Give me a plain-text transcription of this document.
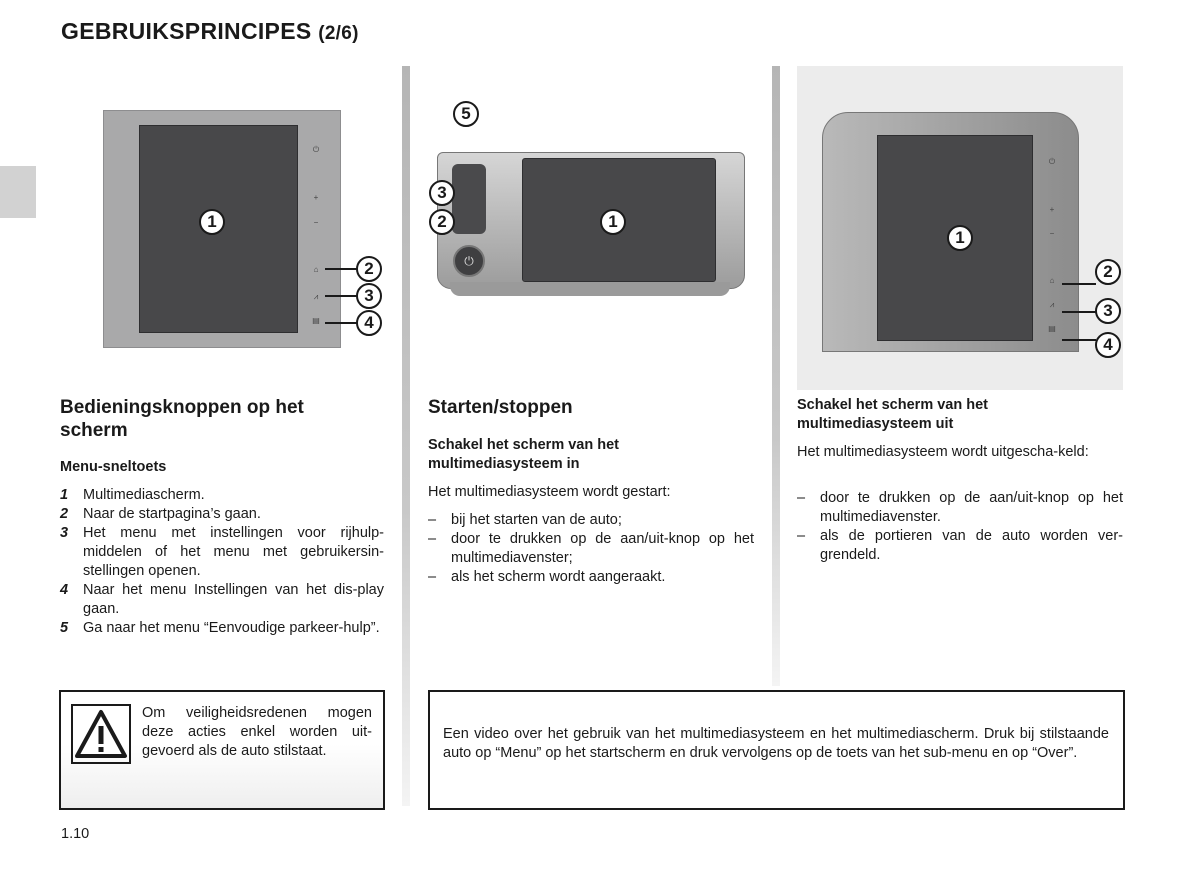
GEBRUIKSPRINCIPES (2/6)
⏻
+
−
⌂
⩘
▤
1
2
3
4
⏻
5
3
2	1
⏻
+
−
⌂
⩘
▤
1
2
3
4
Bedieningsknoppen op het scherm
Menu-sneltoets
1 Multimediascherm.
2 Naar de startpagina’s gaan.
3 Het menu met instellingen voor rijhulp-middelen of het menu met gebruikersin-stellingen openen.
4 Naar het menu Instellingen van het dis-play gaan.
5 Ga naar het menu “Eenvoudige parkeer-hulp”.
Om veiligheidsredenen mogen deze acties enkel worden uit-gevoerd als de auto stilstaat.
Starten/stoppen
Schakel het scherm van het multimediasysteem in
Het multimediasysteem wordt gestart:
– bij het starten van de auto;
– door te drukken op de aan/uit-knop op het multimediavenster;
– als het scherm wordt aangeraakt.
Schakel het scherm van het multimediasysteem uit
Het multimediasysteem wordt uitgescha-keld:
– door te drukken op de aan/uit-knop op het multimediavenster.
– als de portieren van de auto worden ver-grendeld.
Een video over het gebruik van het multimediasysteem en het multimediascherm. Druk bij stilstaande auto op “Menu” op het startscherm en druk vervolgens op de toets van het sub-menu en op “Over”.
1.10
